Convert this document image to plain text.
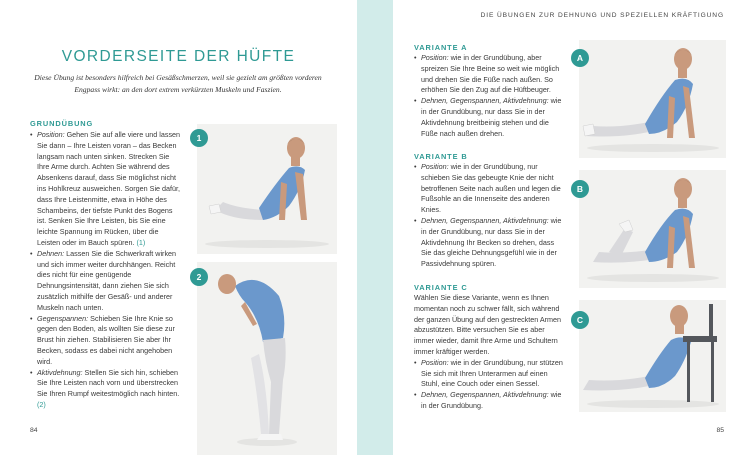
VORDERSEITE DER HÜFTE

Diese Übung ist besonders hilfreich bei Gesäßschmerzen, weil sie gezielt am größten vorderen Engpass wirkt: an den dort extrem verkürzten Muskeln und Faszien.

GRUNDÜBUNG
• Position: Gehen Sie auf alle viere und lassen Sie dann – Ihre Leisten voran – das Becken langsam nach unten sinken. Strecken Sie Ihre Arme durch. Achten Sie während des Absenkens darauf, dass Sie möglichst nicht ins Hohlkreuz ausweichen. Sorgen Sie dafür, dass Ihre Leistenmitte, etwa in Höhe des Schambeins, der tiefste Punkt des Bogens ist. Senken Sie Ihre Leisten, bis Sie eine leichte Spannung im Rücken, über die Leisten oder im Bauch spüren. (1)
• Dehnen: Lassen Sie die Schwerkraft wirken und sich immer weiter durchhängen. Reicht dies nicht für eine genügende Dehnungsintensität, dann ziehen Sie sich zusätzlich mithilfe der Gesäß- und anderer Muskeln nach unten.
• Gegenspannen: Schieben Sie Ihre Knie so gegen den Boden, als wollten Sie diese zur Brust hin ziehen. Stabilisieren Sie aber Ihr Becken, sodass es dabei nicht angehoben wird.
• Aktivdehnung: Stellen Sie sich hin, schieben Sie Ihre Leisten nach vorn und überstrecken Sie Ihren Rumpf weitestmöglich nach hinten. (2)
1
2
84
DIE ÜBUNGEN ZUR DEHNUNG UND SPEZIELLEN KRÄFTIGUNG
VARIANTE A
• Position: wie in der Grundübung, aber spreizen Sie Ihre Beine so weit wie möglich und drehen Sie die Füße nach außen. So erhöhen Sie den Zug auf die Hüftbeuger.
• Dehnen, Gegenspannen, Aktivdehnung: wie in der Grundübung, nur dass Sie in der Aktivdehnung breitbeinig stehen und die Füße nach außen drehen.
VARIANTE B
• Position: wie in der Grundübung, nur schieben Sie das gebeugte Knie der nicht betroffenen Seite nach außen und legen die Fußsohle an die Innenseite des anderen Knies.
• Dehnen, Gegenspannen, Aktivdehnung: wie in der Grundübung, nur dass Sie in der Aktivdehnung Ihr Becken so drehen, dass Sie das gleiche Dehnungsgefühl wie in der Passivdehnung spüren.
VARIANTE C

Wählen Sie diese Variante, wenn es Ihnen momentan noch zu schwer fällt, sich während der ganzen Übung auf den gestreckten Armen abzustützen. Bitte versuchen Sie es aber immer wieder, damit Ihre Arme und Schultern immer kräftiger werden.

• Position: wie in der Grundübung, nur stützen Sie sich mit Ihren Unterarmen auf einen Stuhl, eine Couch oder einen Sessel.
• Dehnen, Gegenspannen, Aktivdehnung: wie in der Grundübung.
A
B
C
85
